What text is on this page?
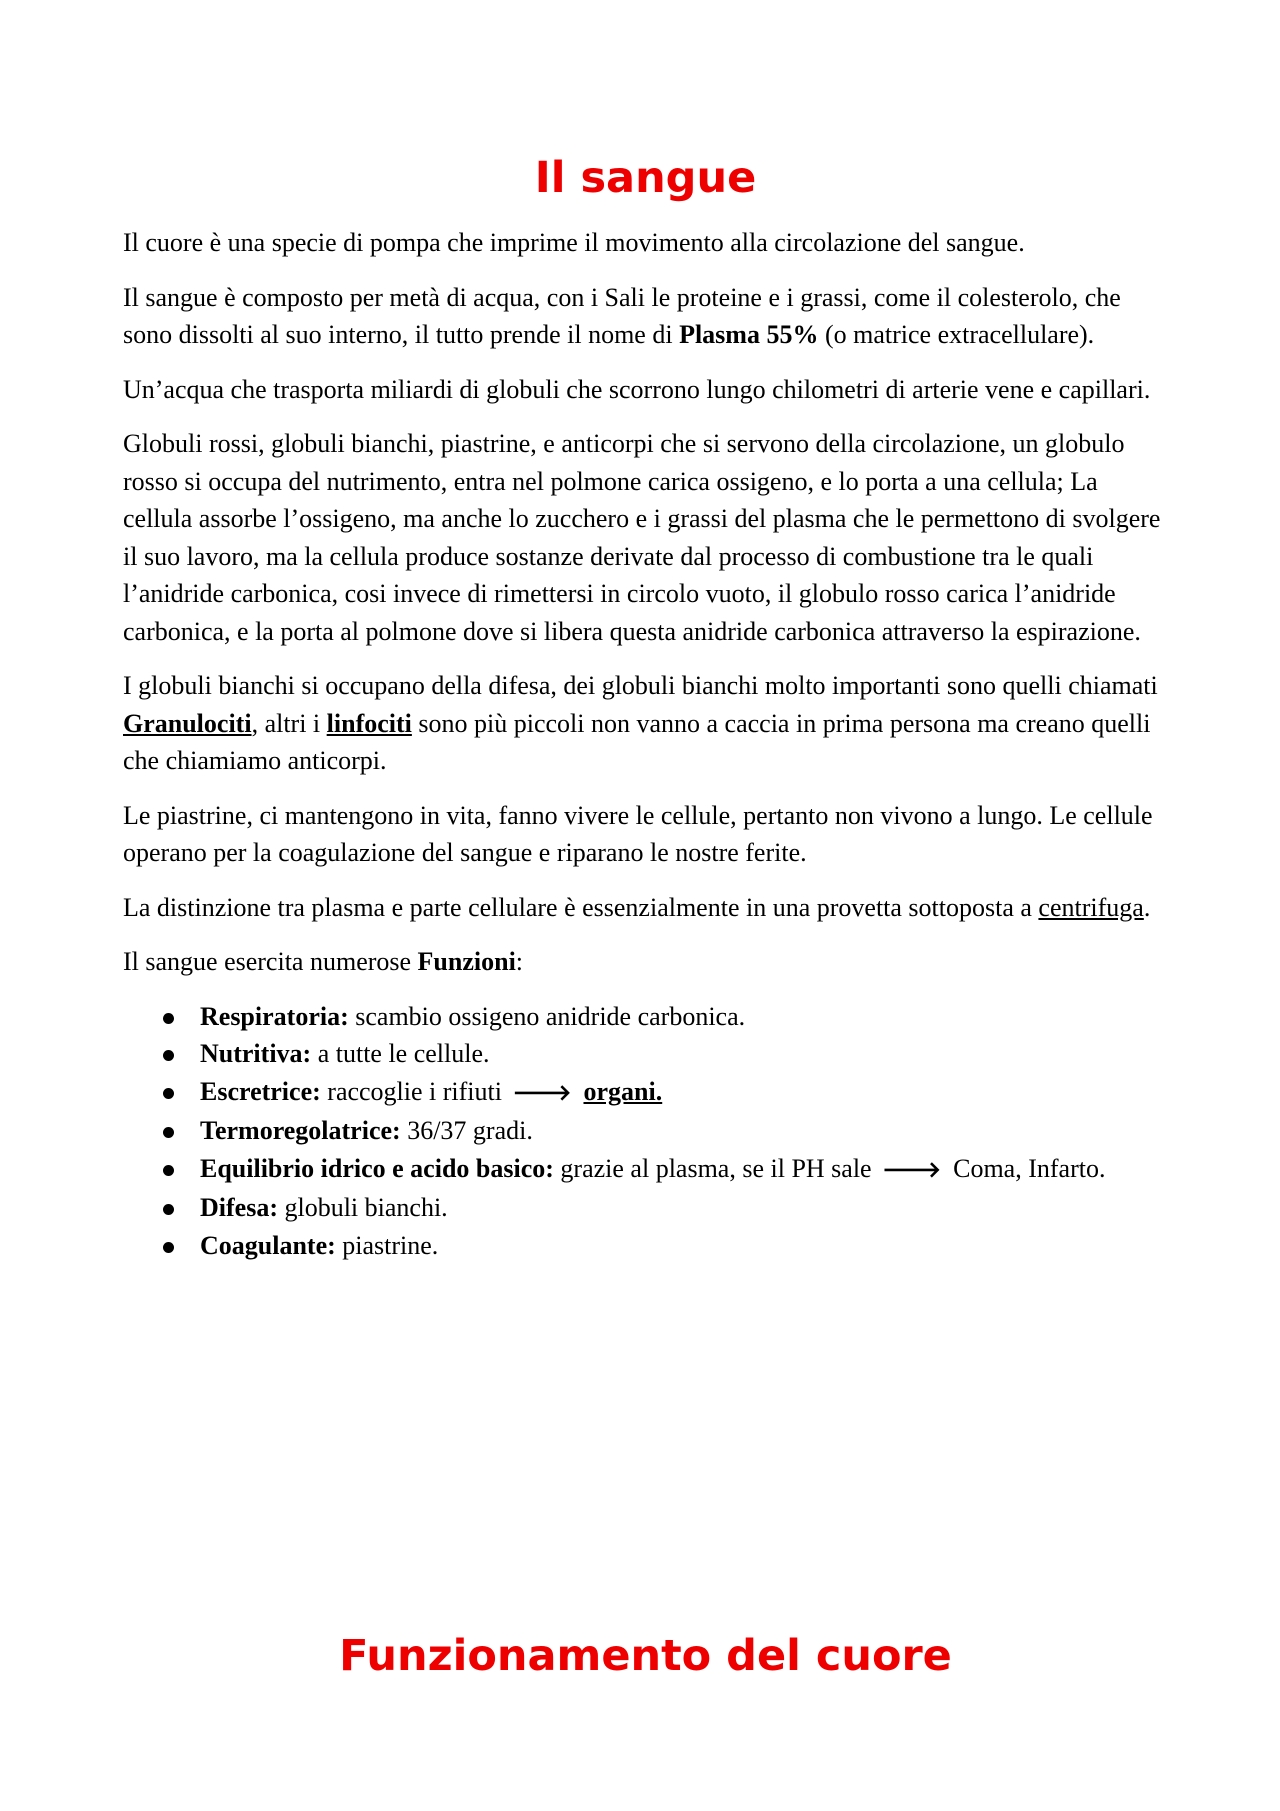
Il sangue

Il cuore è una specie di pompa che imprime il movimento alla circolazione del sangue.

Il sangue è composto per metà di acqua, con i Sali le proteine e i grassi, come il colesterolo, che sono dissolti al suo interno, il tutto prende il nome di Plasma 55% (o matrice extracellulare).

Un’acqua che trasporta miliardi di globuli che scorrono lungo chilometri di arterie vene e capillari.

Globuli rossi, globuli bianchi, piastrine, e anticorpi che si servono della circolazione, un globulo rosso si occupa del nutrimento, entra nel polmone carica ossigeno, e lo porta a una cellula; La cellula assorbe l’ossigeno, ma anche lo zucchero e i grassi del plasma che le permettono di svolgere il suo lavoro, ma la cellula produce sostanze derivate dal processo di combustione tra le quali l’anidride carbonica, cosi invece di rimettersi in circolo vuoto, il globulo rosso carica l’anidride carbonica, e la porta al polmone dove si libera questa anidride carbonica attraverso la espirazione.

I globuli bianchi si occupano della difesa, dei globuli bianchi molto importanti sono quelli chiamati Granulociti, altri i linfociti sono più piccoli non vanno a caccia in prima persona ma creano quelli che chiamiamo anticorpi.

Le piastrine, ci mantengono in vita, fanno vivere le cellule, pertanto non vivono a lungo. Le cellule operano per la coagulazione del sangue e riparano le nostre ferite.

La distinzione tra plasma e parte cellulare è essenzialmente in una provetta sottoposta a centrifuga.

Il sangue esercita numerose Funzioni:

Respiratoria: scambio ossigeno anidride carbonica.
Nutritiva: a tutte le cellule.
Escretrice: raccoglie i rifiuti 🡒 organi.
Termoregolatrice: 36/37 gradi.
Equilibrio idrico e acido basico: grazie al plasma, se il PH sale 🡒 Coma, Infarto.
Difesa: globuli bianchi.
Coagulante: piastrine.
Funzionamento del cuore
